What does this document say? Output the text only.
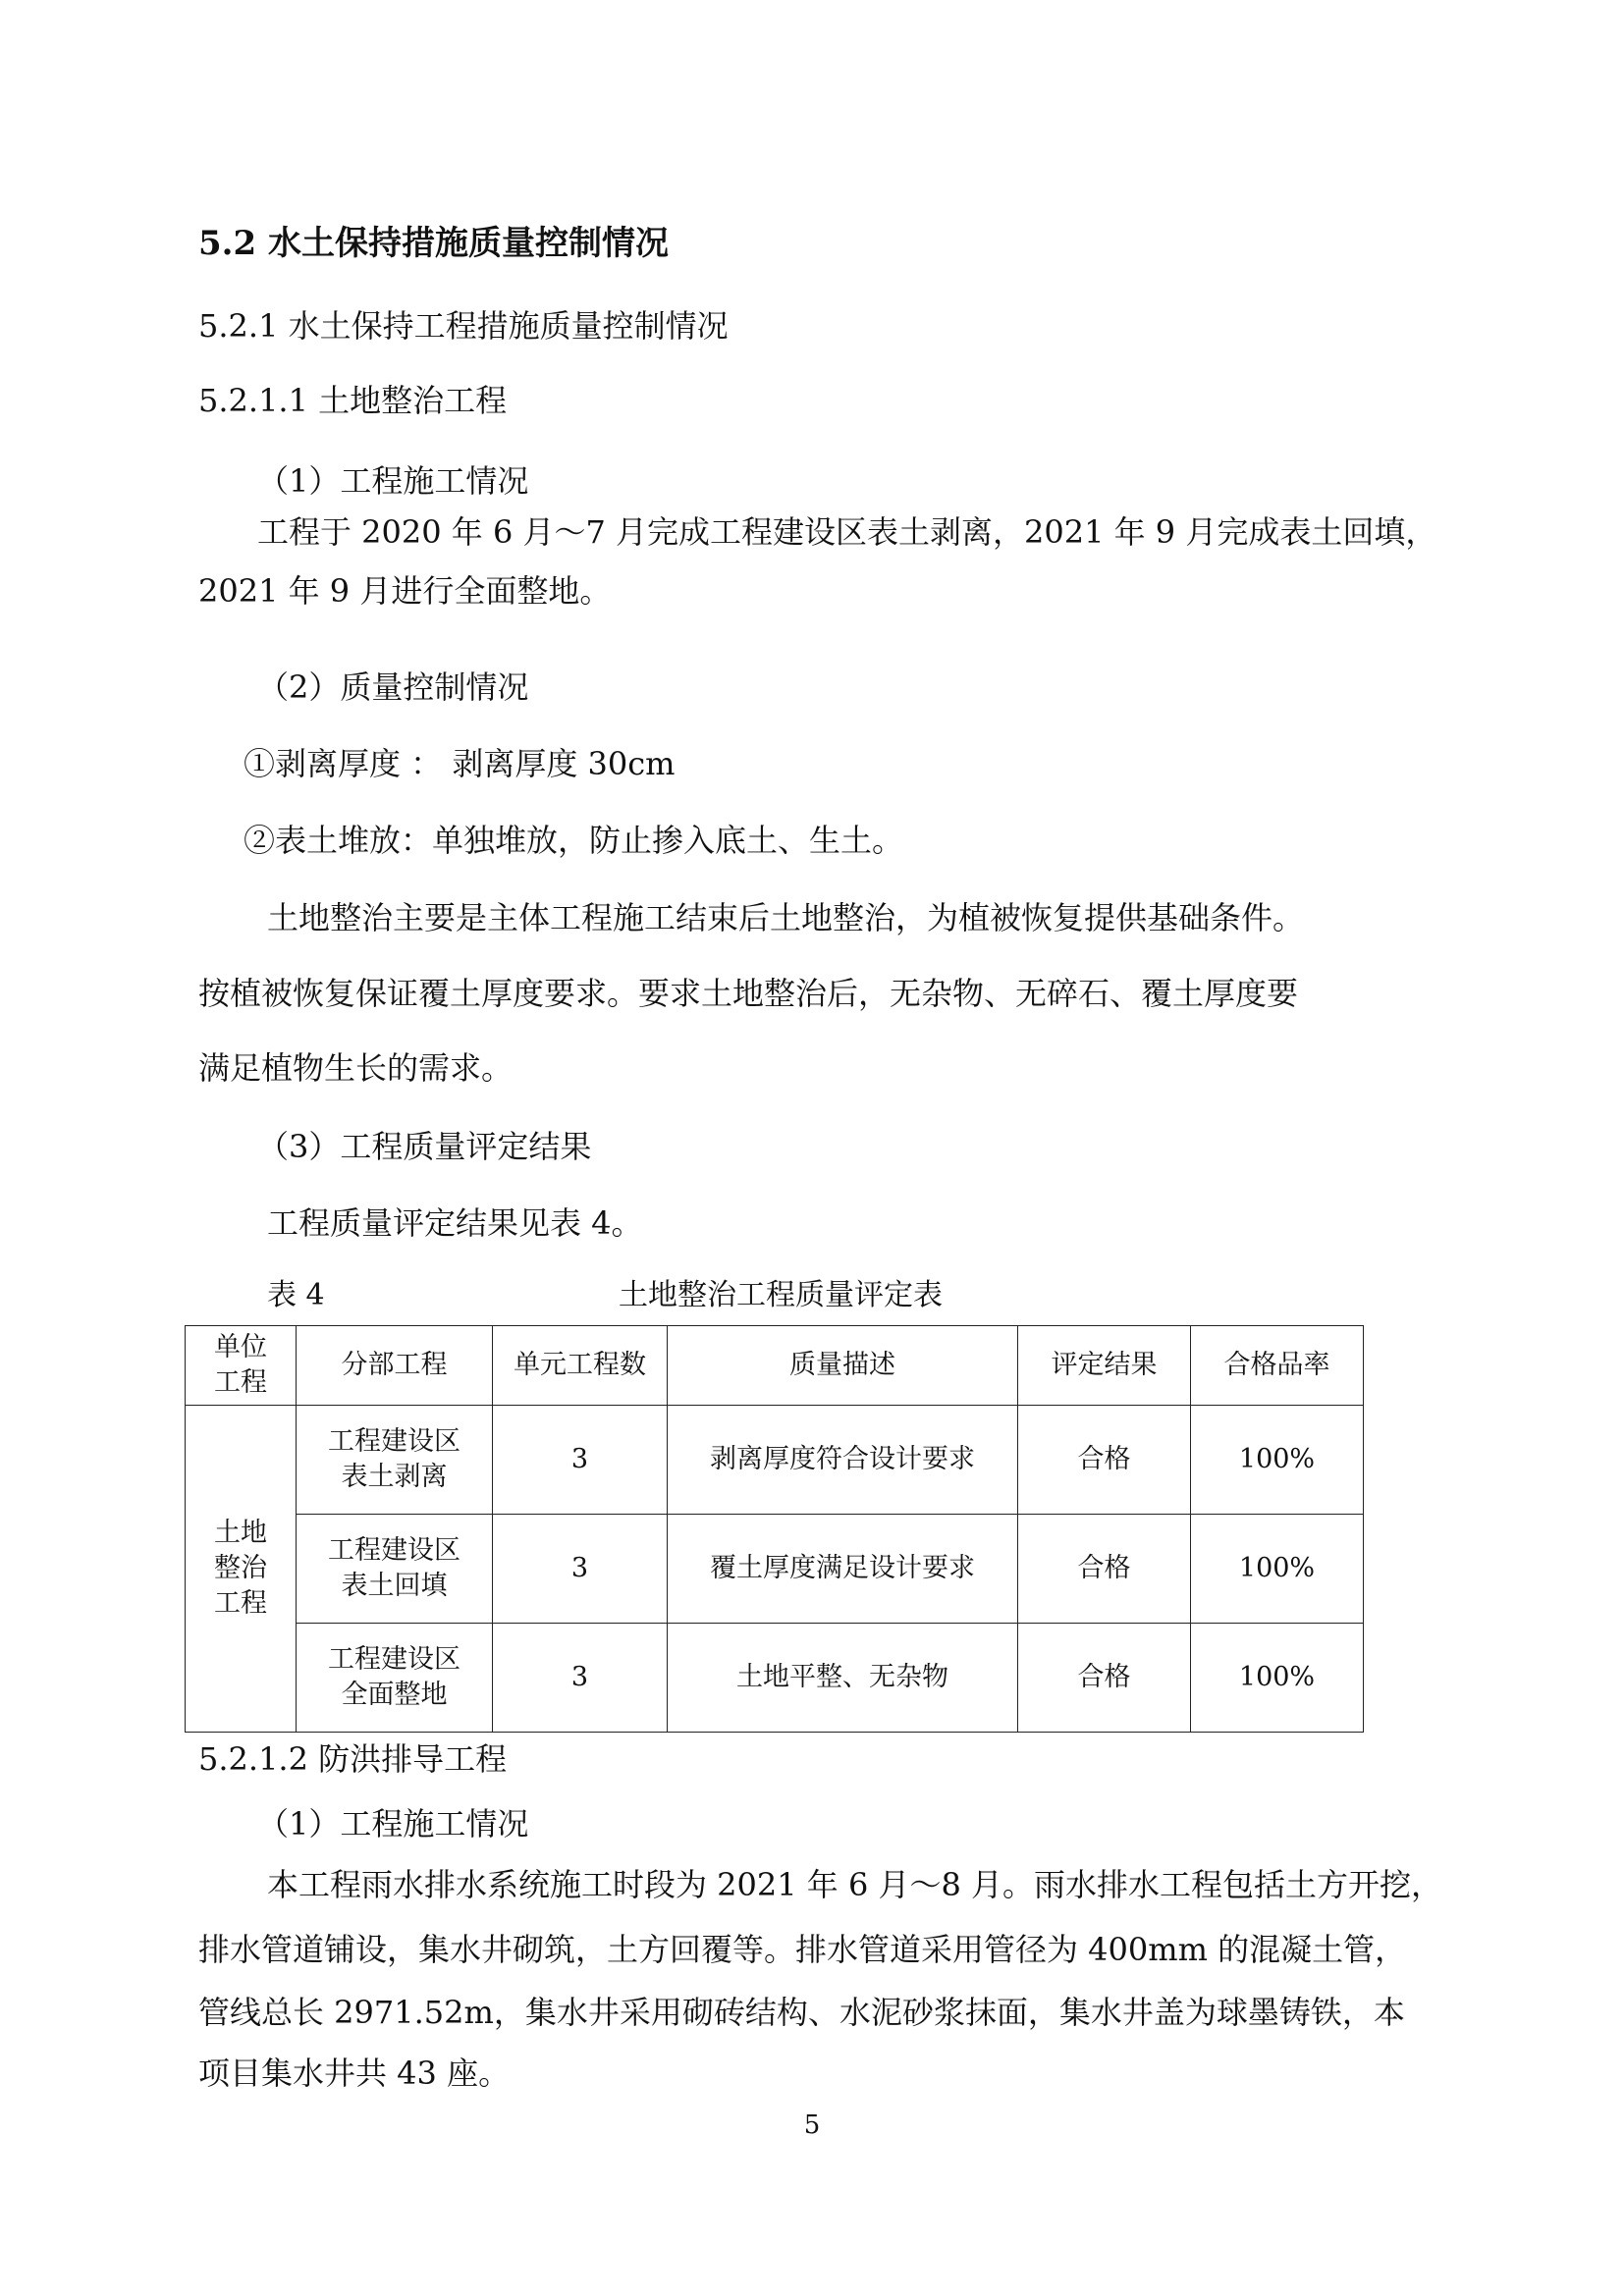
5.2 水土保持措施质量控制情况
5.2.1 水土保持工程措施质量控制情况
5.2.1.1 土地整治工程
（1）工程施工情况
工程于 2020 年 6 月～7 月完成工程建设区表土剥离，2021 年 9 月完成表土回填，
2021 年 9 月进行全面整地。
（2）质量控制情况
①剥离厚度 ： 剥离厚度 30cm
②表土堆放：单独堆放，防止掺入底土、生土。
土地整治主要是主体工程施工结束后土地整治，为植被恢复提供基础条件。
按植被恢复保证覆土厚度要求。要求土地整治后，无杂物、无碎石、覆土厚度要
满足植物生长的需求。
（3）工程质量评定结果
工程质量评定结果见表 4。
表 4	土地整治工程质量评定表
单位工程	分部工程	单元工程数	质量描述	评定结果	合格品率

土地整治工程	工程建设区表土剥离	3	剥离厚度符合设计要求	合格	100%

	工程建设区表土回填	3	覆土厚度满足设计要求	合格	100%

	工程建设区全面整地	3	土地平整、无杂物	合格	100%
5.2.1.2 防洪排导工程
（1）工程施工情况
本工程雨水排水系统施工时段为 2021 年 6 月～8 月。雨水排水工程包括土方开挖，
排水管道铺设，集水井砌筑，土方回覆等。排水管道采用管径为 400mm 的混凝土管，
管线总长 2971.52m，集水井采用砌砖结构、水泥砂浆抹面，集水井盖为球墨铸铁，本
项目集水井共 43 座。
5
